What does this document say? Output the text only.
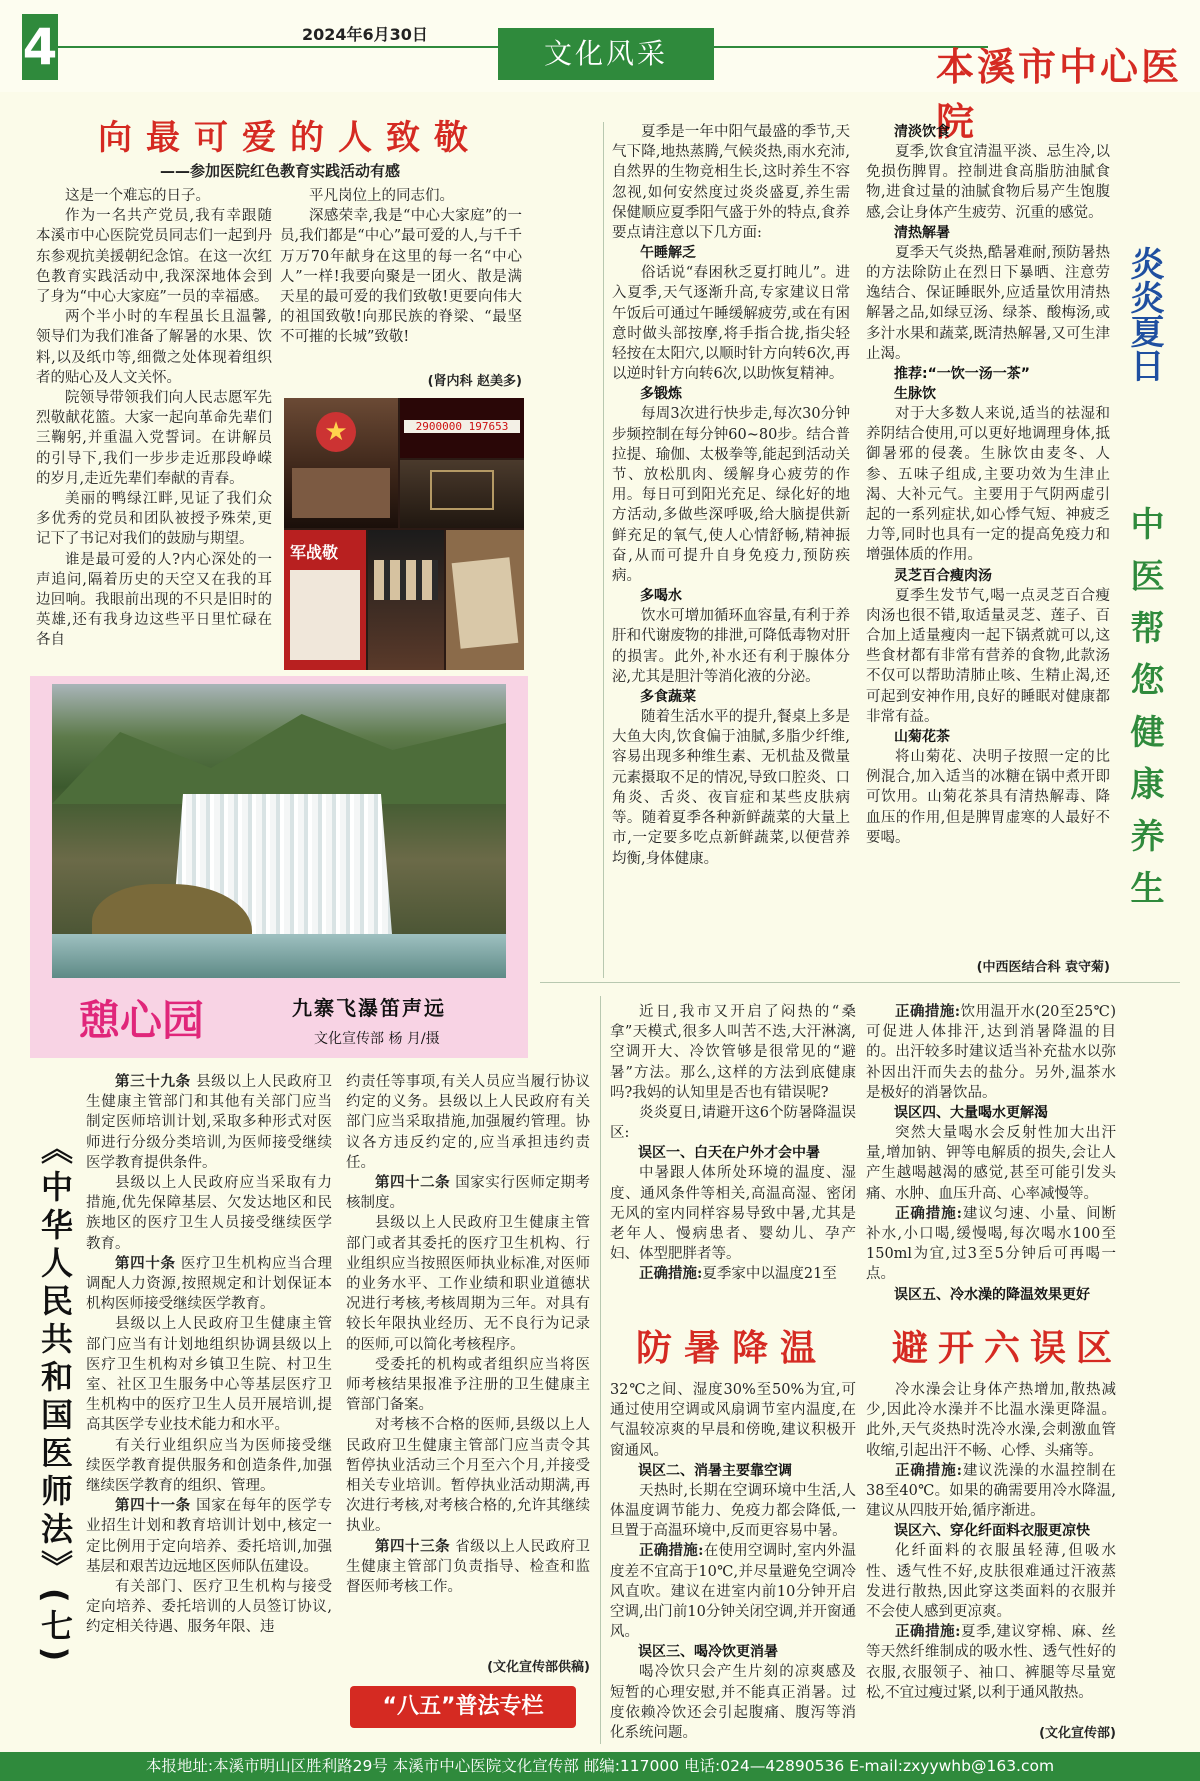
4	2024年6月30日
文化风采	本溪市中心医院
向最可爱的人致敬
——参加医院红色教育实践活动有感

这是一个难忘的日子。

作为一名共产党员,我有幸跟随本溪市中心医院党员同志们一起到丹东参观抗美援朝纪念馆。在这一次红色教育实践活动中,我深深地体会到了身为“中心大家庭”一员的幸福感。

两个半小时的车程虽长且温馨,领导们为我们准备了解暑的水果、饮料,以及纸巾等,细微之处体现着组织者的贴心及人文关怀。

院领导带领我们向人民志愿军先烈敬献花篮。大家一起向革命先辈们三鞠躬,并重温入党誓词。在讲解员的引导下,我们一步步走近那段峥嵘的岁月,走近先辈们奉献的青春。

美丽的鸭绿江畔,见证了我们众多优秀的党员和团队被授予殊荣,更记下了书记对我们的鼓励与期望。

谁是最可爱的人?内心深处的一声追问,隔着历史的天空又在我的耳边回响。我眼前出现的不只是旧时的英雄,还有我身边这些平日里忙碌在各自

平凡岗位上的同志们。

深感荣幸,我是“中心大家庭”的一员,我们都是“中心”最可爱的人,与千千万万70年献身在这里的每一名“中心人”一样!我要向聚是一团火、散是满天星的最可爱的我们致敬!更要向伟大的祖国致敬!向那民族的脊梁、“最坚不可摧的长城”致敬!

(肾内科 赵美多)
★	2900000 197653
军战敬
憩心园	九寨飞瀑笛声远
文化宣传部 杨 月/摄

夏季是一年中阳气最盛的季节,天气下降,地热蒸腾,气候炎热,雨水充沛,自然界的生物竞相生长,这时养生不容忽视,如何安然度过炎炎盛夏,养生需保健顺应夏季阳气盛于外的特点,食养要点请注意以下几方面:

午睡解乏

俗话说“春困秋乏夏打盹儿”。进入夏季,天气逐渐升高,专家建议日常午饭后可通过午睡缓解疲劳,或在有困意时做头部按摩,将手指合拢,指尖轻轻按在太阳穴,以顺时针方向转6次,再以逆时针方向转6次,以助恢复精神。

多锻炼

每周3次进行快步走,每次30分钟步频控制在每分钟60~80步。结合普拉提、瑜伽、太极拳等,能起到活动关节、放松肌肉、缓解身心疲劳的作用。每日可到阳光充足、绿化好的地方活动,多做些深呼吸,给大脑提供新鲜充足的氧气,使人心情舒畅,精神振奋,从而可提升自身免疫力,预防疾病。

多喝水

饮水可增加循环血容量,有利于养肝和代谢废物的排泄,可降低毒物对肝的损害。此外,补水还有利于腺体分泌,尤其是胆汁等消化液的分泌。

多食蔬菜

随着生活水平的提升,餐桌上多是大鱼大肉,饮食偏于油腻,多脂少纤维,容易出现多种维生素、无机盐及微量元素摄取不足的情况,导致口腔炎、口角炎、舌炎、夜盲症和某些皮肤病等。随着夏季各种新鲜蔬菜的大量上市,一定要多吃点新鲜蔬菜,以便营养均衡,身体健康。

清淡饮食

夏季,饮食宜清温平淡、忌生冷,以免损伤脾胃。控制进食高脂肪油腻食物,进食过量的油腻食物后易产生饱腹感,会让身体产生疲劳、沉重的感觉。

清热解暑

夏季天气炎热,酷暑难耐,预防暑热的方法除防止在烈日下暴晒、注意劳逸结合、保证睡眠外,应适量饮用清热解暑之品,如绿豆汤、绿茶、酸梅汤,或多汁水果和蔬菜,既清热解暑,又可生津止渴。

推荐:“一饮一汤一茶”
生脉饮

对于大多数人来说,适当的祛湿和养阴结合使用,可以更好地调理身体,抵御暑邪的侵袭。生脉饮由麦冬、人参、五味子组成,主要功效为生津止渴、大补元气。主要用于气阴两虚引起的一系列症状,如心悸气短、神疲乏力等,同时也具有一定的提高免疫力和增强体质的作用。

灵芝百合瘦肉汤

夏季生发节气,喝一点灵芝百合瘦肉汤也很不错,取适量灵芝、莲子、百合加上适量瘦肉一起下锅煮就可以,这些食材都有非常有营养的食物,此款汤不仅可以帮助清肺止咳、生精止渴,还可起到安神作用,良好的睡眠对健康都非常有益。

山菊花茶

将山菊花、决明子按照一定的比例混合,加入适当的冰糖在锅中煮开即可饮用。山菊花茶具有清热解毒、降血压的作用,但是脾胃虚寒的人最好不要喝。

(中西医结合科 袁守菊)
炎炎夏日
中医帮您健康养生
《中华人民共和国医师法》(七)

第三十九条 县级以上人民政府卫生健康主管部门和其他有关部门应当制定医师培训计划,采取多种形式对医师进行分级分类培训,为医师接受继续医学教育提供条件。

县级以上人民政府应当采取有力措施,优先保障基层、欠发达地区和民族地区的医疗卫生人员接受继续医学教育。

第四十条 医疗卫生机构应当合理调配人力资源,按照规定和计划保证本机构医师接受继续医学教育。

县级以上人民政府卫生健康主管部门应当有计划地组织协调县级以上医疗卫生机构对乡镇卫生院、村卫生室、社区卫生服务中心等基层医疗卫生机构中的医疗卫生人员开展培训,提高其医学专业技术能力和水平。

有关行业组织应当为医师接受继续医学教育提供服务和创造条件,加强继续医学教育的组织、管理。

第四十一条 国家在每年的医学专业招生计划和教育培训计划中,核定一定比例用于定向培养、委托培训,加强基层和艰苦边远地区医师队伍建设。

有关部门、医疗卫生机构与接受定向培养、委托培训的人员签订协议,约定相关待遇、服务年限、违

约责任等事项,有关人员应当履行协议约定的义务。县级以上人民政府有关部门应当采取措施,加强履约管理。协议各方违反约定的,应当承担违约责任。

第四十二条 国家实行医师定期考核制度。

县级以上人民政府卫生健康主管部门或者其委托的医疗卫生机构、行业组织应当按照医师执业标准,对医师的业务水平、工作业绩和职业道德状况进行考核,考核周期为三年。对具有较长年限执业经历、无不良行为记录的医师,可以简化考核程序。

受委托的机构或者组织应当将医师考核结果报准予注册的卫生健康主管部门备案。

对考核不合格的医师,县级以上人民政府卫生健康主管部门应当责令其暂停执业活动三个月至六个月,并接受相关专业培训。暂停执业活动期满,再次进行考核,对考核合格的,允许其继续执业。

第四十三条 省级以上人民政府卫生健康主管部门负责指导、检查和监督医师考核工作。

(文化宣传部供稿)
“八五”普法专栏

近日,我市又开启了闷热的“桑拿”天模式,很多人叫苦不迭,大汗淋漓,空调开大、冷饮管够是很常见的“避暑”方法。那么,这样的方法到底健康吗?我妈的认知里是否也有错误呢?

炎炎夏日,请避开这6个防暑降温误区:

误区一、白天在户外才会中暑

中暑跟人体所处环境的温度、湿度、通风条件等相关,高温高湿、密闭无风的室内同样容易导致中暑,尤其是老年人、慢病患者、婴幼儿、孕产妇、体型肥胖者等。

正确措施:夏季家中以温度21至

正确措施:饮用温开水(20至25℃)可促进人体排汗,达到消暑降温的目的。出汗较多时建议适当补充盐水以弥补因出汗而失去的盐分。另外,温茶水是极好的消暑饮品。

误区四、大量喝水更解渴

突然大量喝水会反射性加大出汗量,增加钠、钾等电解质的损失,会让人产生越喝越渴的感觉,甚至可能引发头痛、水肿、血压升高、心率减慢等。

正确措施:建议匀速、小量、间断补水,小口喝,缓慢喝,每次喝水100至150ml为宜,过3至5分钟后可再喝一点。

误区五、冷水澡的降温效果更好
防暑降温 避开六误区

32℃之间、湿度30%至50%为宜,可通过使用空调或风扇调节室内温度,在气温较凉爽的早晨和傍晚,建议积极开窗通风。

误区二、消暑主要靠空调

天热时,长期在空调环境中生活,人体温度调节能力、免疫力都会降低,一旦置于高温环境中,反而更容易中暑。

正确措施:在使用空调时,室内外温度差不宜高于10℃,并尽量避免空调冷风直吹。建议在进室内前10分钟开启空调,出门前10分钟关闭空调,并开窗通风。

误区三、喝冷饮更消暑

喝冷饮只会产生片刻的凉爽感及短暂的心理安慰,并不能真正消暑。过度依赖冷饮还会引起腹痛、腹泻等消化系统问题。

冷水澡会让身体产热增加,散热减少,因此冷水澡并不比温水澡更降温。此外,天气炎热时洗冷水澡,会刺激血管收缩,引起出汗不畅、心悸、头痛等。

正确措施:建议洗澡的水温控制在38至40℃。如果的确需要用冷水降温,建议从四肢开始,循序渐进。

误区六、穿化纤面料衣服更凉快

化纤面料的衣服虽轻薄,但吸水性、透气性不好,皮肤很难通过汗液蒸发进行散热,因此穿这类面料的衣服并不会使人感到更凉爽。

正确措施:夏季,建议穿棉、麻、丝等天然纤维制成的吸水性、透气性好的衣服,衣服领子、袖口、裤腿等尽量宽松,不宜过瘦过紧,以利于通风散热。

(文化宣传部)
本报地址:本溪市明山区胜利路29号 本溪市中心医院文化宣传部 邮编:117000 电话:024—42890536 E-mail:zxyywhb@163.com
